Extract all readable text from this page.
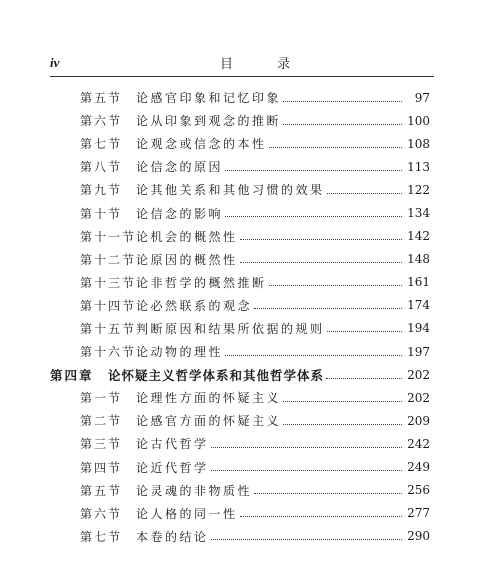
iv	目 录
第五节	论感官印象和记忆印象	97
第六节	论从印象到观念的推断	100
第七节	论观念或信念的本性	108
第八节	论信念的原因	113
第九节	论其他关系和其他习惯的效果	122
第十节	论信念的影响	134
第十一节 论机会的概然性	142
第十二节 论原因的概然性	148
第十三节 论非哲学的概然推断	161
第十四节 论必然联系的观念	174
第十五节 判断原因和结果所依据的规则	194
第十六节 论动物的理性	197
第四章	论怀疑主义哲学体系和其他哲学体系	202
第一节	论理性方面的怀疑主义	202
第二节	论感官方面的怀疑主义	209
第三节	论古代哲学	242
第四节	论近代哲学	249
第五节	论灵魂的非物质性	256
第六节	论人格的同一性	277
第七节	本卷的结论	290
